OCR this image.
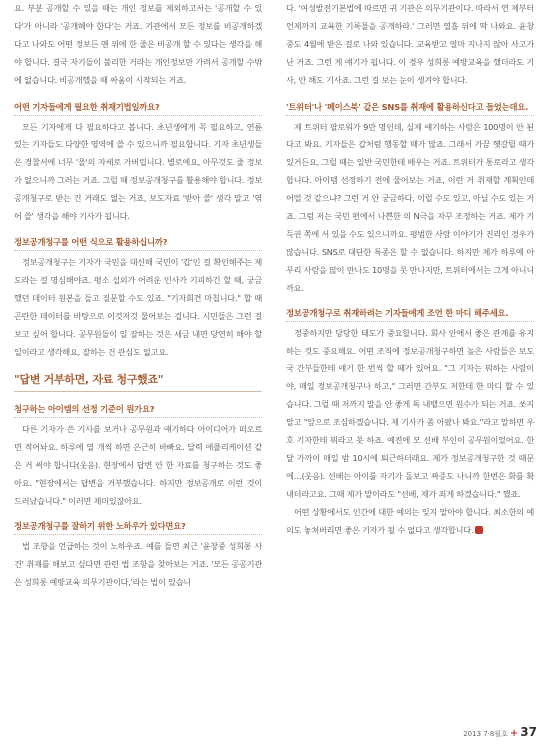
요. 부분 공개할 수 있을 때는 개인 정보를 제외하고서는 '공개할 수 있다'가 아니라 '공개해야 한다'는 거죠. 기관에서 모든 정보를 비공개하겠다고 나와도 어떤 정보든 맨 위에 한 줄은 비공개 할 수 있다는 생각을 해야 합니다. 결국 자기들이 불리한 거라는 개인정보만 가려서 공개할 수밖에 없습니다. 비공개했을 때 싸움이 시작되는 거죠.

어떤 기자들에게 필요한 취재기법일까요?

모든 기자에게 다 필요하다고 봅니다. 초년생에게 꼭 필요하고, 연륜 있는 기자들도 다양한 영역에 쓸 수 있으니까 필요합니다. 기자 초년생들은 경찰서에 너무 '물'의 자세로 가버립니다. 별로에요, 아무것도 줄 정보가 없으니까 그러는 거죠. 그럴 때 정보공개청구를 활용해야 합니다. 정보공개청구로 받는 건 거래도 없는 거죠, 보도자료 '받아 쓸' 생각 말고 '엮어 쓸' 생각을 해야 기사가 됩니다.

정보공개청구를 어떤 식으로 활용하십니까?

정보공개청구는 기자가 국민을 대신해 국민이 '갑'인 걸 확인해주는 제도라는 걸 명심해야죠. 평소 섭외가 어려운 인사가 기피하긴 할 때, 궁금했던 데이터 원본을 들고 질문할 수도 있죠. "기자회견 마칩니다." 할 때 곤란한 데이터를 바탕으로 이것저것 물어보는 겁니다. 시민들은 그런 걸 보고 싶어 합니다. 공무원들이 일 잘하는 것은 세금 내면 당연히 해야 할 일이라고 생각해요, 잘하는 건 관심도 없고요.

"답변 거부하면, 자료 청구했죠"

청구하는 아이템의 선정 기준이 뭔가요?

다른 기자가 쓴 기사를 보거나 공무원과 얘기하다 아이디어가 떠오르면 적어놔요. 하루에 열 개씩 하면 은근히 바빠요. 달력 애플리케이션 같은 거 써야 합니다(웃음). 현장에서 답변 안 한 자료를 청구하는 것도 좋아요. "현장에서는 답변을 거부했습니다. 하지만 정보공개로 이런 것이 드러났습니다." 이러면 재미있잖아요.

정보공개청구를 잘하기 위한 노하우가 있다면요?

법 조항을 언급하는 것이 노하우죠. 예를 들면 최근 '윤창중 성희롱 사건' 취재를 해보고 싶다면 관련 법 조항을 찾아보는 거죠. '모든 공공기관은 성희롱 예방교육 의무기관이다,'라는 법이 있습니

다. '여성발전기본법에 따르면 귀 기관은 의무기관이다. 따라서 연 제부터 언제까지 교육한 기록물을 공개하라.' 그러면 열흘 뒤에 딱 나와요. 윤창중도 4월에 받은 걸로 나와 있습니다. 교육받고 얼마 지나지 않아 사고가 난 거죠. 그런 게 얘기가 됩니다. 이 경우 성희롱 예방교육을 했더라도 기사, 안 해도 기사죠. 그런 걸 보는 눈이 생겨야 합니다.

'트위터'나 '페이스북' 같은 SNS를 취재에 활용하신다고 들었는데요.

제 트위터 팔로워가 9만 명인데, 실제 얘기하는 사람은 100명이 안 된다고 봐요. 기자들은 갑처럼 행동할 때가 많죠. 그래서 가끔 헷갈릴 때가 있거든요, 그럴 때는 일반 국민한테 배우는 거죠. 트위터가 통로라고 생각합니다. 아이템 선정하기 전에 물어보는 거죠, 이런 거 취재할 계획인데 어떨 것 같으냐? 그런 거 안 궁금하다, 이럴 수도 있고, 아닐 수도 있는 거죠. 그럼 저는 국민 편에서 나쁜한 의 N극을 자꾸 조정하는 거죠. 제가 기득권 쪽에 서 있을 수도 있으니까요. 평범한 사람 이야기가 진리인 경우가 많습니다. SNS로 대단한 특종은 할 수 없습니다. 하지만 제가 하루에 아무리 사람을 많이 만나도 10명을 못 만나지만, 트위터에서는 그게 아니니까요.

정보공개청구로 취재하려는 기자들에게 조언 한 마디 해주세요.

정중하지만 당당한 태도가 중요합니다. 회사 안에서 좋은 관계를 유지하는 것도 중요해요. 어떤 조직에 정보공개청구하면 높은 사람들은 보도국 간부들한테 얘기 한 번씩 할 때가 있어요. "그 기자는 뭐하는 사람이야, 매일 정보공개청구나 하고," 그러면 간부도 저한테 한 마디 할 수 있습니다. 그럴 때 저까지 말을 안 좋게 독 내뱉으면 원수가 되는 거죠. 쏘지 말고 "앞으로 조심하겠습니다. 제 기사가 좀 아팠나 봐요."라고 말하면 우호 기자한테 뭐라고 못 하죠. 예전에 모 선배 부인이 공무원이었어요. 한 달 가까이 매일 밤 10시에 퇴근하더래요. 제가 정보공개청구한 것 때문에…(웃음). 선배는 아이를 자기가 돌보고 짜증도 나니까 한번은 화를 확 내더라고요. 그때 제가 말이라도 "선배, 제가 죄게 하겠습니다." 했죠.

어떤 상황에서도 인간에 대한 예의는 잊지 말아야 합니다. 최소한의 예의도 놓쳐버리면 좋은 기자가 될 수 없다고 생각합니다.

2013 7·8월호 + 37
